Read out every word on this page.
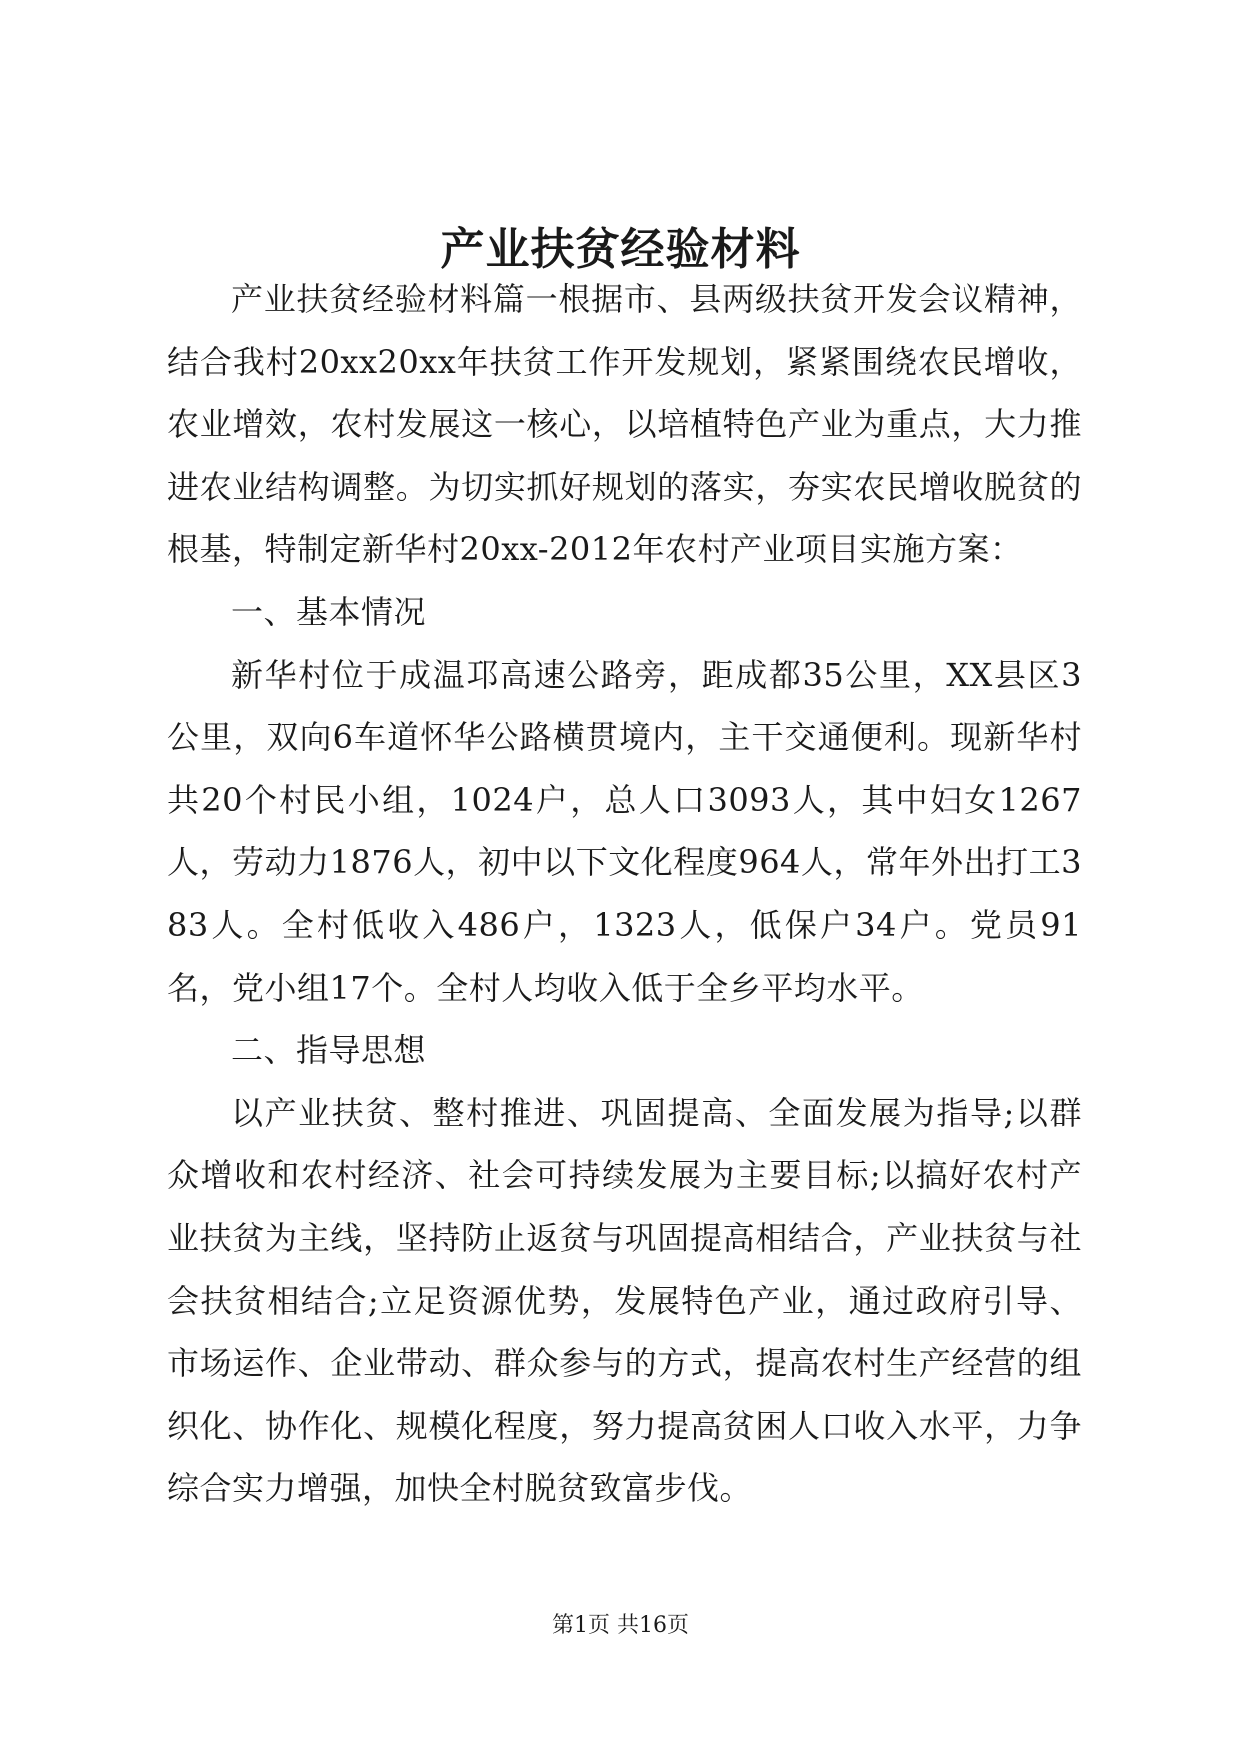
产业扶贫经验材料

产业扶贫经验材料篇一根据市、县两级扶贫开发会议精神，结合我村20xx20xx年扶贫工作开发规划，紧紧围绕农民增收，农业增效，农村发展这一核心，以培植特色产业为重点，大力推进农业结构调整。为切实抓好规划的落实，夯实农民增收脱贫的根基，特制定新华村20xx-2012年农村产业项目实施方案：

一、基本情况

新华村位于成温邛高速公路旁，距成都35公里，XX县区3公里，双向6车道怀华公路横贯境内，主干交通便利。现新华村共20个村民小组，1024户，总人口3093人，其中妇女1267人，劳动力1876人，初中以下文化程度964人，常年外出打工383人。全村低收入486户，1323人，低保户34户。党员91名，党小组17个。全村人均收入低于全乡平均水平。

二、指导思想

以产业扶贫、整村推进、巩固提高、全面发展为指导;以群众增收和农村经济、社会可持续发展为主要目标;以搞好农村产业扶贫为主线，坚持防止返贫与巩固提高相结合，产业扶贫与社会扶贫相结合;立足资源优势，发展特色产业，通过政府引导、市场运作、企业带动、群众参与的方式，提高农村生产经营的组织化、协作化、规模化程度，努力提高贫困人口收入水平，力争综合实力增强，加快全村脱贫致富步伐。

第1页 共16页
